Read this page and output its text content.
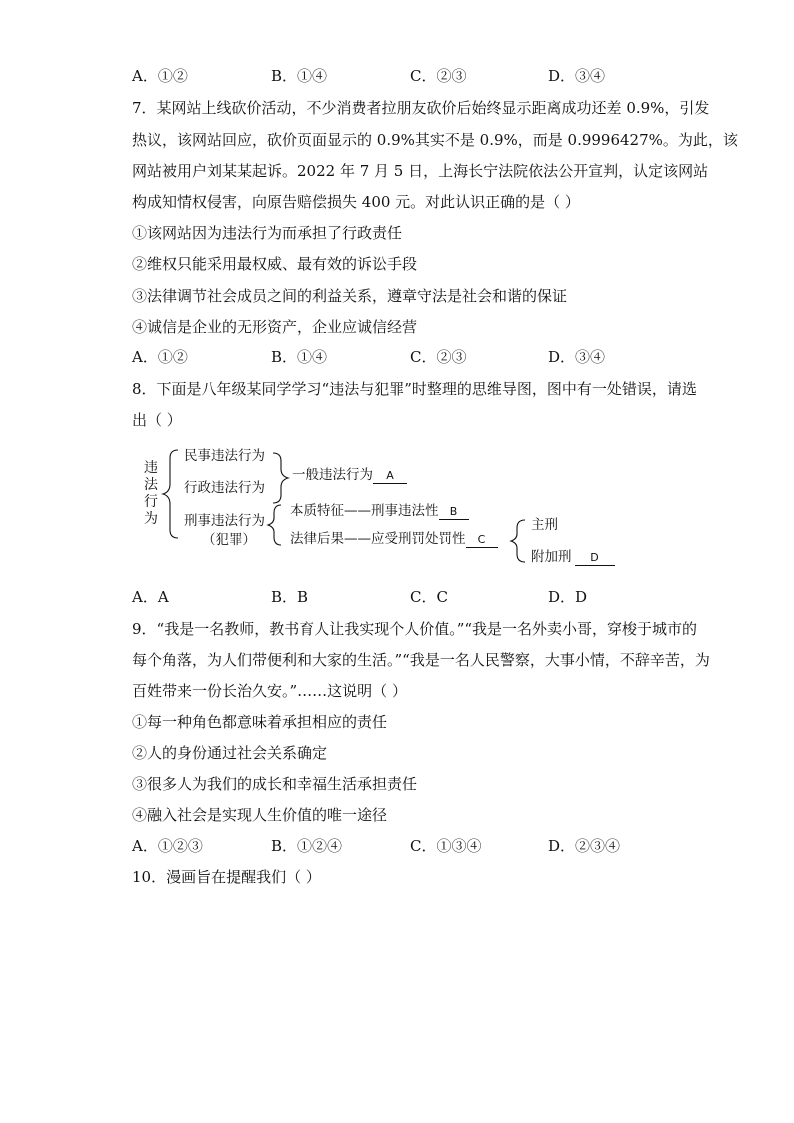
A．①②	B．①④	C．②③	D．③④
7．某网站上线砍价活动，不少消费者拉朋友砍价后始终显示距离成功还差 0.9%，引发
热议，该网站回应，砍价页面显示的 0.9%其实不是 0.9%，而是 0.9996427%。为此，该
网站被用户刘某某起诉。2022 年 7 月 5 日，上海长宁法院依法公开宣判，认定该网站
构成知情权侵害，向原告赔偿损失 400 元。对此认识正确的是（ ）
①该网站因为违法行为而承担了行政责任
②维权只能采用最权威、最有效的诉讼手段
③法律调节社会成员之间的利益关系，遵章守法是社会和谐的保证
④诚信是企业的无形资产，企业应诚信经营
A．①②	B．①④	C．②③	D．③④
8．下面是八年级某同学学习“违法与犯罪”时整理的思维导图，图中有一处错误，请选
出（ ）
违
法
行
为
民事违法行为
行政违法行为
一般违法行为 A
刑事违法行为
（犯罪）
本质特征——刑事违法性 B
法律后果——应受刑罚处罚性 C
主刑
附加刑 D
A．A	B．B	C．C	D．D
9．“我是一名教师，教书育人让我实现个人价值。”“我是一名外卖小哥，穿梭于城市的
每个角落，为人们带便利和大家的生活。”“我是一名人民警察，大事小情，不辞辛苦，为
百姓带来一份长治久安。”……这说明（ ）
①每一种角色都意味着承担相应的责任
②人的身份通过社会关系确定
③很多人为我们的成长和幸福生活承担责任
④融入社会是实现人生价值的唯一途径
A．①②③	B．①②④	C．①③④	D．②③④
10．漫画旨在提醒我们（ ）
